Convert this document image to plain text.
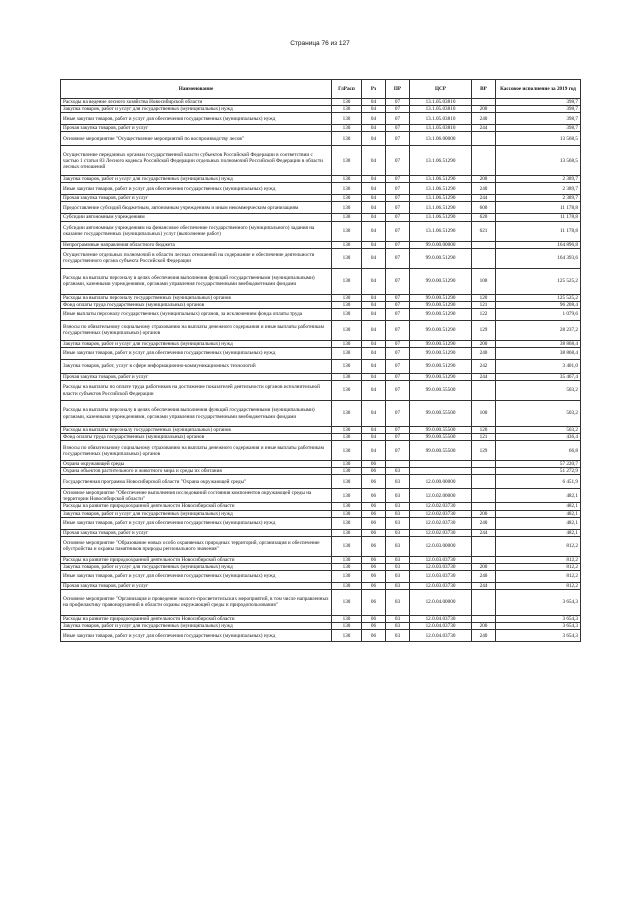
Страница 76 из 127
Наименование	ГлРасп	Рз	ПР	ЦСР	ВР	Кассовое исполнение за 2019 год
Расходы на ведение лесного хозяйства Новосибирской области	130	04	07	13.1.05.03810		398,7
Закупка товаров, работ и услуг для государственных (муниципальных) нужд	130	04	07	13.1.05.03810	200	398,7
Иные закупки товаров, работ и услуг для обеспечения государственных (муниципальных) нужд	130	04	07	13.1.05.03810	240	398,7
Прочая закупка товаров, работ и услуг	130	04	07	13.1.05.03810	244	398,7
Основное мероприятие "Осуществление мероприятий по воспроизводству лесов"	130	04	07	13.1.06.00000		13 568,5
Осуществление переданных органам государственной власти субъектов Российской Федерации в соответствии с частью 1 статьи 83 Лесного кодекса Российской Федерации отдельных полномочий Российской Федерации в области лесных отношений	130	04	07	13.1.06.51290		13 568,5
Закупка товаров, работ и услуг для государственных (муниципальных) нужд	130	04	07	13.1.06.51290	200	2 389,7
Иные закупки товаров, работ и услуг для обеспечения государственных (муниципальных) нужд	130	04	07	13.1.06.51290	240	2 389,7
Прочая закупка товаров, работ и услуг	130	04	07	13.1.06.51290	244	2 389,7
Предоставление субсидий бюджетным, автономным учреждениям и иным некоммерческим организациям	130	04	07	13.1.06.51290	600	11 178,8
Субсидии автономным учреждениям	130	04	07	13.1.06.51290	620	11 178,8
Субсидии автономным учреждениям на финансовое обеспечение государственного (муниципального) задания на оказание государственных (муниципальных) услуг (выполнение работ)	130	04	07	13.1.06.51290	621	11 178,8
Непрограммные направления областного бюджета	130	04	07	99.0.00.00000		164 896,8
Осуществление отдельных полномочий в области лесных отношений на содержание и обеспечение деятельности государственного органа субъекта Российской Федерации	130	04	07	99.0.00.51290		164 393,6
Расходы на выплаты персоналу в целях обеспечения выполнения функций государственными (муниципальными) органами, казенными учреждениями, органами управления государственными внебюджетными фондами	130	04	07	99.0.00.51290	100	125 525,2
Расходы на выплаты персоналу государственных (муниципальных) органов	130	04	07	99.0.00.51290	120	125 525,2
Фонд оплаты труда государственных (муниципальных) органов	130	04	07	99.0.00.51290	121	96 208,4
Иные выплаты персоналу государственных (муниципальных) органов, за исключением фонда оплаты труда	130	04	07	99.0.00.51290	122	1 079,6
Взносы по обязательному социальному страхованию на выплаты денежного содержания и иные выплаты работникам государственных (муниципальных) органов	130	04	07	99.0.00.51290	129	28 237,2
Закупка товаров, работ и услуг для государственных (муниципальных) нужд	130	04	07	99.0.00.51290	200	38 868,4
Иные закупки товаров, работ и услуг для обеспечения государственных (муниципальных) нужд	130	04	07	99.0.00.51290	240	38 868,4
Закупка товаров, работ, услуг в сфере информационно-коммуникационных технологий	130	04	07	99.0.00.51290	242	3 401,0
Прочая закупка товаров, работ и услуг	130	04	07	99.0.00.51290	244	35 467,4
Расходы на выплаты по оплате труда работников на достижение показателей деятельности органов исполнительной власти субъектов Российской Федерации	130	04	07	99.0.00.55500		503,2
Расходы на выплаты персоналу в целях обеспечения выполнения функций государственными (муниципальными) органами, казенными учреждениями, органами управления государственными внебюджетными фондами	130	04	07	99.0.00.55500	100	503,2
Расходы на выплаты персоналу государственных (муниципальных) органов	130	04	07	99.0.00.55500	120	503,2
Фонд оплаты труда государственных (муниципальных) органов	130	04	07	99.0.00.55500	121	436,4
Взносы по обязательному социальному страхованию на выплаты денежного содержания и иные выплаты работникам государственных (муниципальных) органов	130	04	07	99.0.00.55500	129	66,8
Охрана окружающей среды	130	06				57 220,7
Охрана объектов растительного и животного мира и среды их обитания	130	06	03			51 272,9
Государственная программа Новосибирской области "Охрана окружающей среды"	130	06	03	12.0.00.00000		6 451,9
Основное мероприятие "Обеспечение выполнения исследований состояния компонентов окружающей среды на территории Новосибирской области"	130	06	03	12.0.02.00000		482,1
Расходы на развитие природоохранной деятельности Новосибирской области	130	06	03	12.0.02.03730		482,1
Закупка товаров, работ и услуг для государственных (муниципальных) нужд	130	06	03	12.0.02.03730	200	482,1
Иные закупки товаров, работ и услуг для обеспечения государственных (муниципальных) нужд	130	06	03	12.0.02.03730	240	482,1
Прочая закупка товаров, работ и услуг	130	06	03	12.0.02.03730	244	482,1
Основное мероприятие "Образование новых особо охраняемых природных территорий, организация и обеспечение обустройства и охраны памятников природы регионального значения"	130	06	03	12.0.03.00000		812,2
Расходы на развитие природоохранной деятельности Новосибирской области	130	06	03	12.0.03.03730		812,2
Закупка товаров, работ и услуг для государственных (муниципальных) нужд	130	06	03	12.0.03.03730	200	812,2
Иные закупки товаров, работ и услуг для обеспечения государственных (муниципальных) нужд	130	06	03	12.0.03.03730	240	812,2
Прочая закупка товаров, работ и услуг	130	06	03	12.0.03.03730	244	812,2
Основное мероприятие "Организация и проведение эколого-просветительских мероприятий, в том числе направленных на профилактику правонарушений в области охраны окружающей среды и природопользования"	130	06	03	12.0.04.00000		3 654,3
Расходы на развитие природоохранной деятельности Новосибирской области	130	06	03	12.0.04.03730		3 654,3
Закупка товаров, работ и услуг для государственных (муниципальных) нужд	130	06	03	12.0.04.03730	200	3 654,3
Иные закупки товаров, работ и услуг для обеспечения государственных (муниципальных) нужд	130	06	03	12.0.04.03730	240	3 654,3
